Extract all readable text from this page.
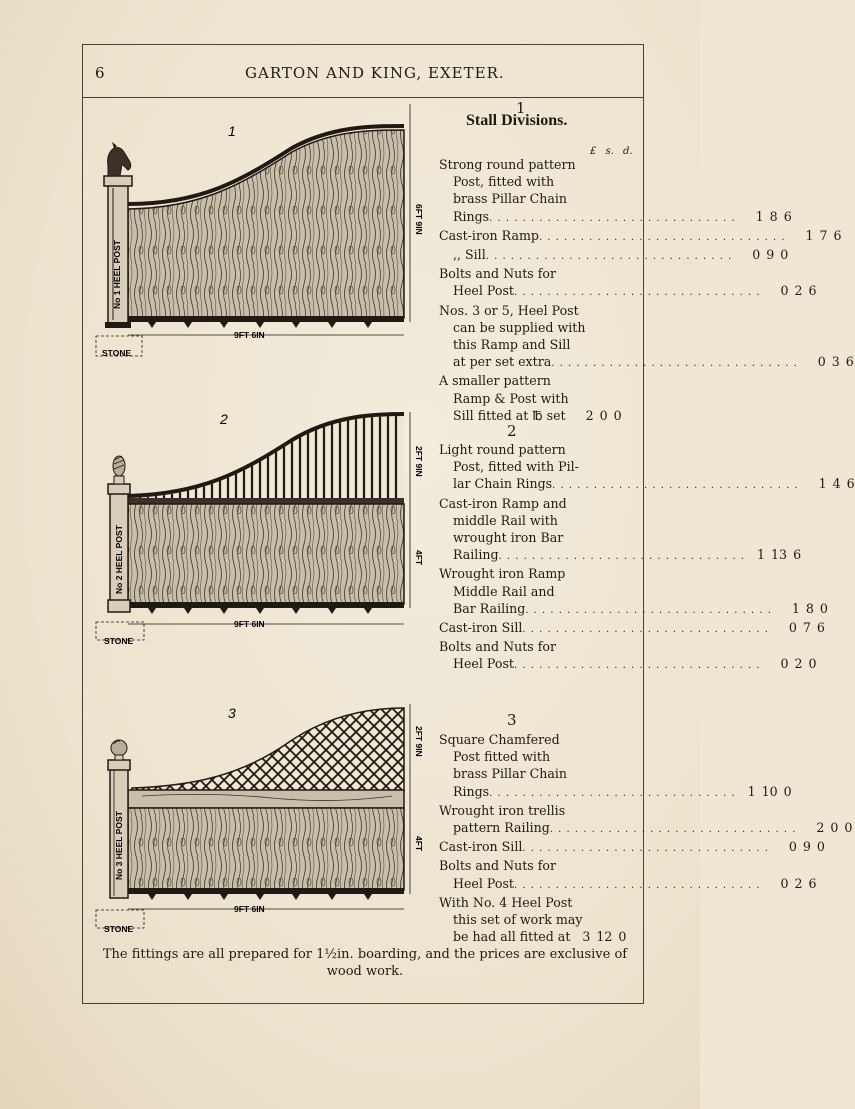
6	GARTON AND KING, EXETER.
1
Stall Divisions.
£ s. d.
2
3
Strong round pattern
Post, fitted with
brass Pillar Chain
Rings . . . . . . . . . . . . . . . . . . . . . . . . . . . . . .	1 8 6
Cast-iron Ramp . . . . . . . . . . . . . . . . . . . . . . . . . . . . . .	1 7 6
,, Sill . . . . . . . . . . . . . . . . . . . . . . . . . . . . . .	0 9 0
Bolts and Nuts for
Heel Post . . . . . . . . . . . . . . . . . . . . . . . . . . . . . .	0 2 6
Nos. 3 or 5, Heel Post
can be supplied with
this Ramp and Sill
at per set extra . . . . . . . . . . . . . . . . . . . . . . . . . . . . . .	0 3 6
A smaller pattern
Ramp & Post with
Sill fitted at ℔ set	2 0 0
Light round pattern
Post, fitted with Pil-
lar Chain Rings . . . . . . . . . . . . . . . . . . . . . . . . . . . . . .	1 4 6
Cast-iron Ramp and
middle Rail with
wrought iron Bar
Railing . . . . . . . . . . . . . . . . . . . . . . . . . . . . . . 1 13 6
Wrought iron Ramp
Middle Rail and
Bar Railing . . . . . . . . . . . . . . . . . . . . . . . . . . . . . .	1 8 0
Cast-iron Sill . . . . . . . . . . . . . . . . . . . . . . . . . . . . . .	0 7 6
Bolts and Nuts for
Heel Post . . . . . . . . . . . . . . . . . . . . . . . . . . . . . .	0 2 0
Square Chamfered
Post fitted with
brass Pillar Chain
Rings . . . . . . . . . . . . . . . . . . . . . . . . . . . . . . 1 10 0
Wrought iron trellis
pattern Railing . . . . . . . . . . . . . . . . . . . . . . . . . . . . . .	2 0 0
Cast-iron Sill . . . . . . . . . . . . . . . . . . . . . . . . . . . . . .	0 9 0
Bolts and Nuts for
Heel Post . . . . . . . . . . . . . . . . . . . . . . . . . . . . . .	0 2 6
With No. 4 Heel Post
this set of work may
be had all fitted at 3 12 0
1
No 1 HEEL POST
6FT 9IN
9FT 6IN
STONE
2
No 2 HEEL POST
2FT 9IN
4FT
9FT 6IN
STONE
3
No 3 HEEL POST
2FT 9IN
4FT
9FT 6IN
STONE
The fittings are all prepared for 1½in. boarding, and the prices are exclusive of wood work.
